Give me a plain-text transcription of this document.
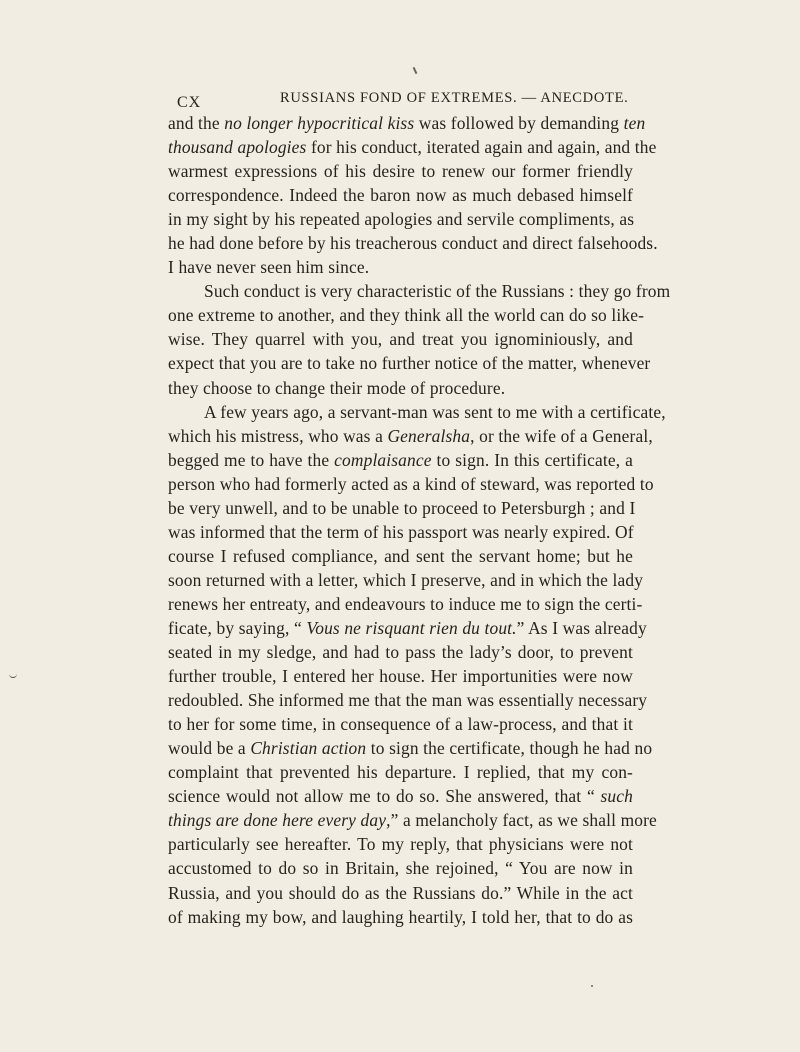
CX	RUSSIANS FOND OF EXTREMES. — ANECDOTE.
and the no longer hypocritical kiss was followed by demanding ten
thousand apologies for his conduct, iterated again and again, and the
warmest expressions of his desire to renew our former friendly
correspondence. Indeed the baron now as much debased himself
in my sight by his repeated apologies and servile compliments, as
he had done before by his treacherous conduct and direct falsehoods.
I have never seen him since.
Such conduct is very characteristic of the Russians : they go from
one extreme to another, and they think all the world can do so like-
wise. They quarrel with you, and treat you ignominiously, and
expect that you are to take no further notice of the matter, whenever
they choose to change their mode of procedure.
A few years ago, a servant-man was sent to me with a certificate,
which his mistress, who was a Generalsha, or the wife of a General,
begged me to have the complaisance to sign. In this certificate, a
person who had formerly acted as a kind of steward, was reported to
be very unwell, and to be unable to proceed to Petersburgh ; and I
was informed that the term of his passport was nearly expired. Of
course I refused compliance, and sent the servant home; but he
soon returned with a letter, which I preserve, and in which the lady
renews her entreaty, and endeavours to induce me to sign the certi-
ficate, by saying, “ Vous ne risquant rien du tout.” As I was already
seated in my sledge, and had to pass the lady’s door, to prevent
further trouble, I entered her house. Her importunities were now
redoubled. She informed me that the man was essentially necessary
to her for some time, in consequence of a law-process, and that it
would be a Christian action to sign the certificate, though he had no
complaint that prevented his departure. I replied, that my con-
science would not allow me to do so. She answered, that “ such
things are done here every day,” a melancholy fact, as we shall more
particularly see hereafter. To my reply, that physicians were not
accustomed to do so in Britain, she rejoined, “ You are now in
Russia, and you should do as the Russians do.” While in the act
of making my bow, and laughing heartily, I told her, that to do as
